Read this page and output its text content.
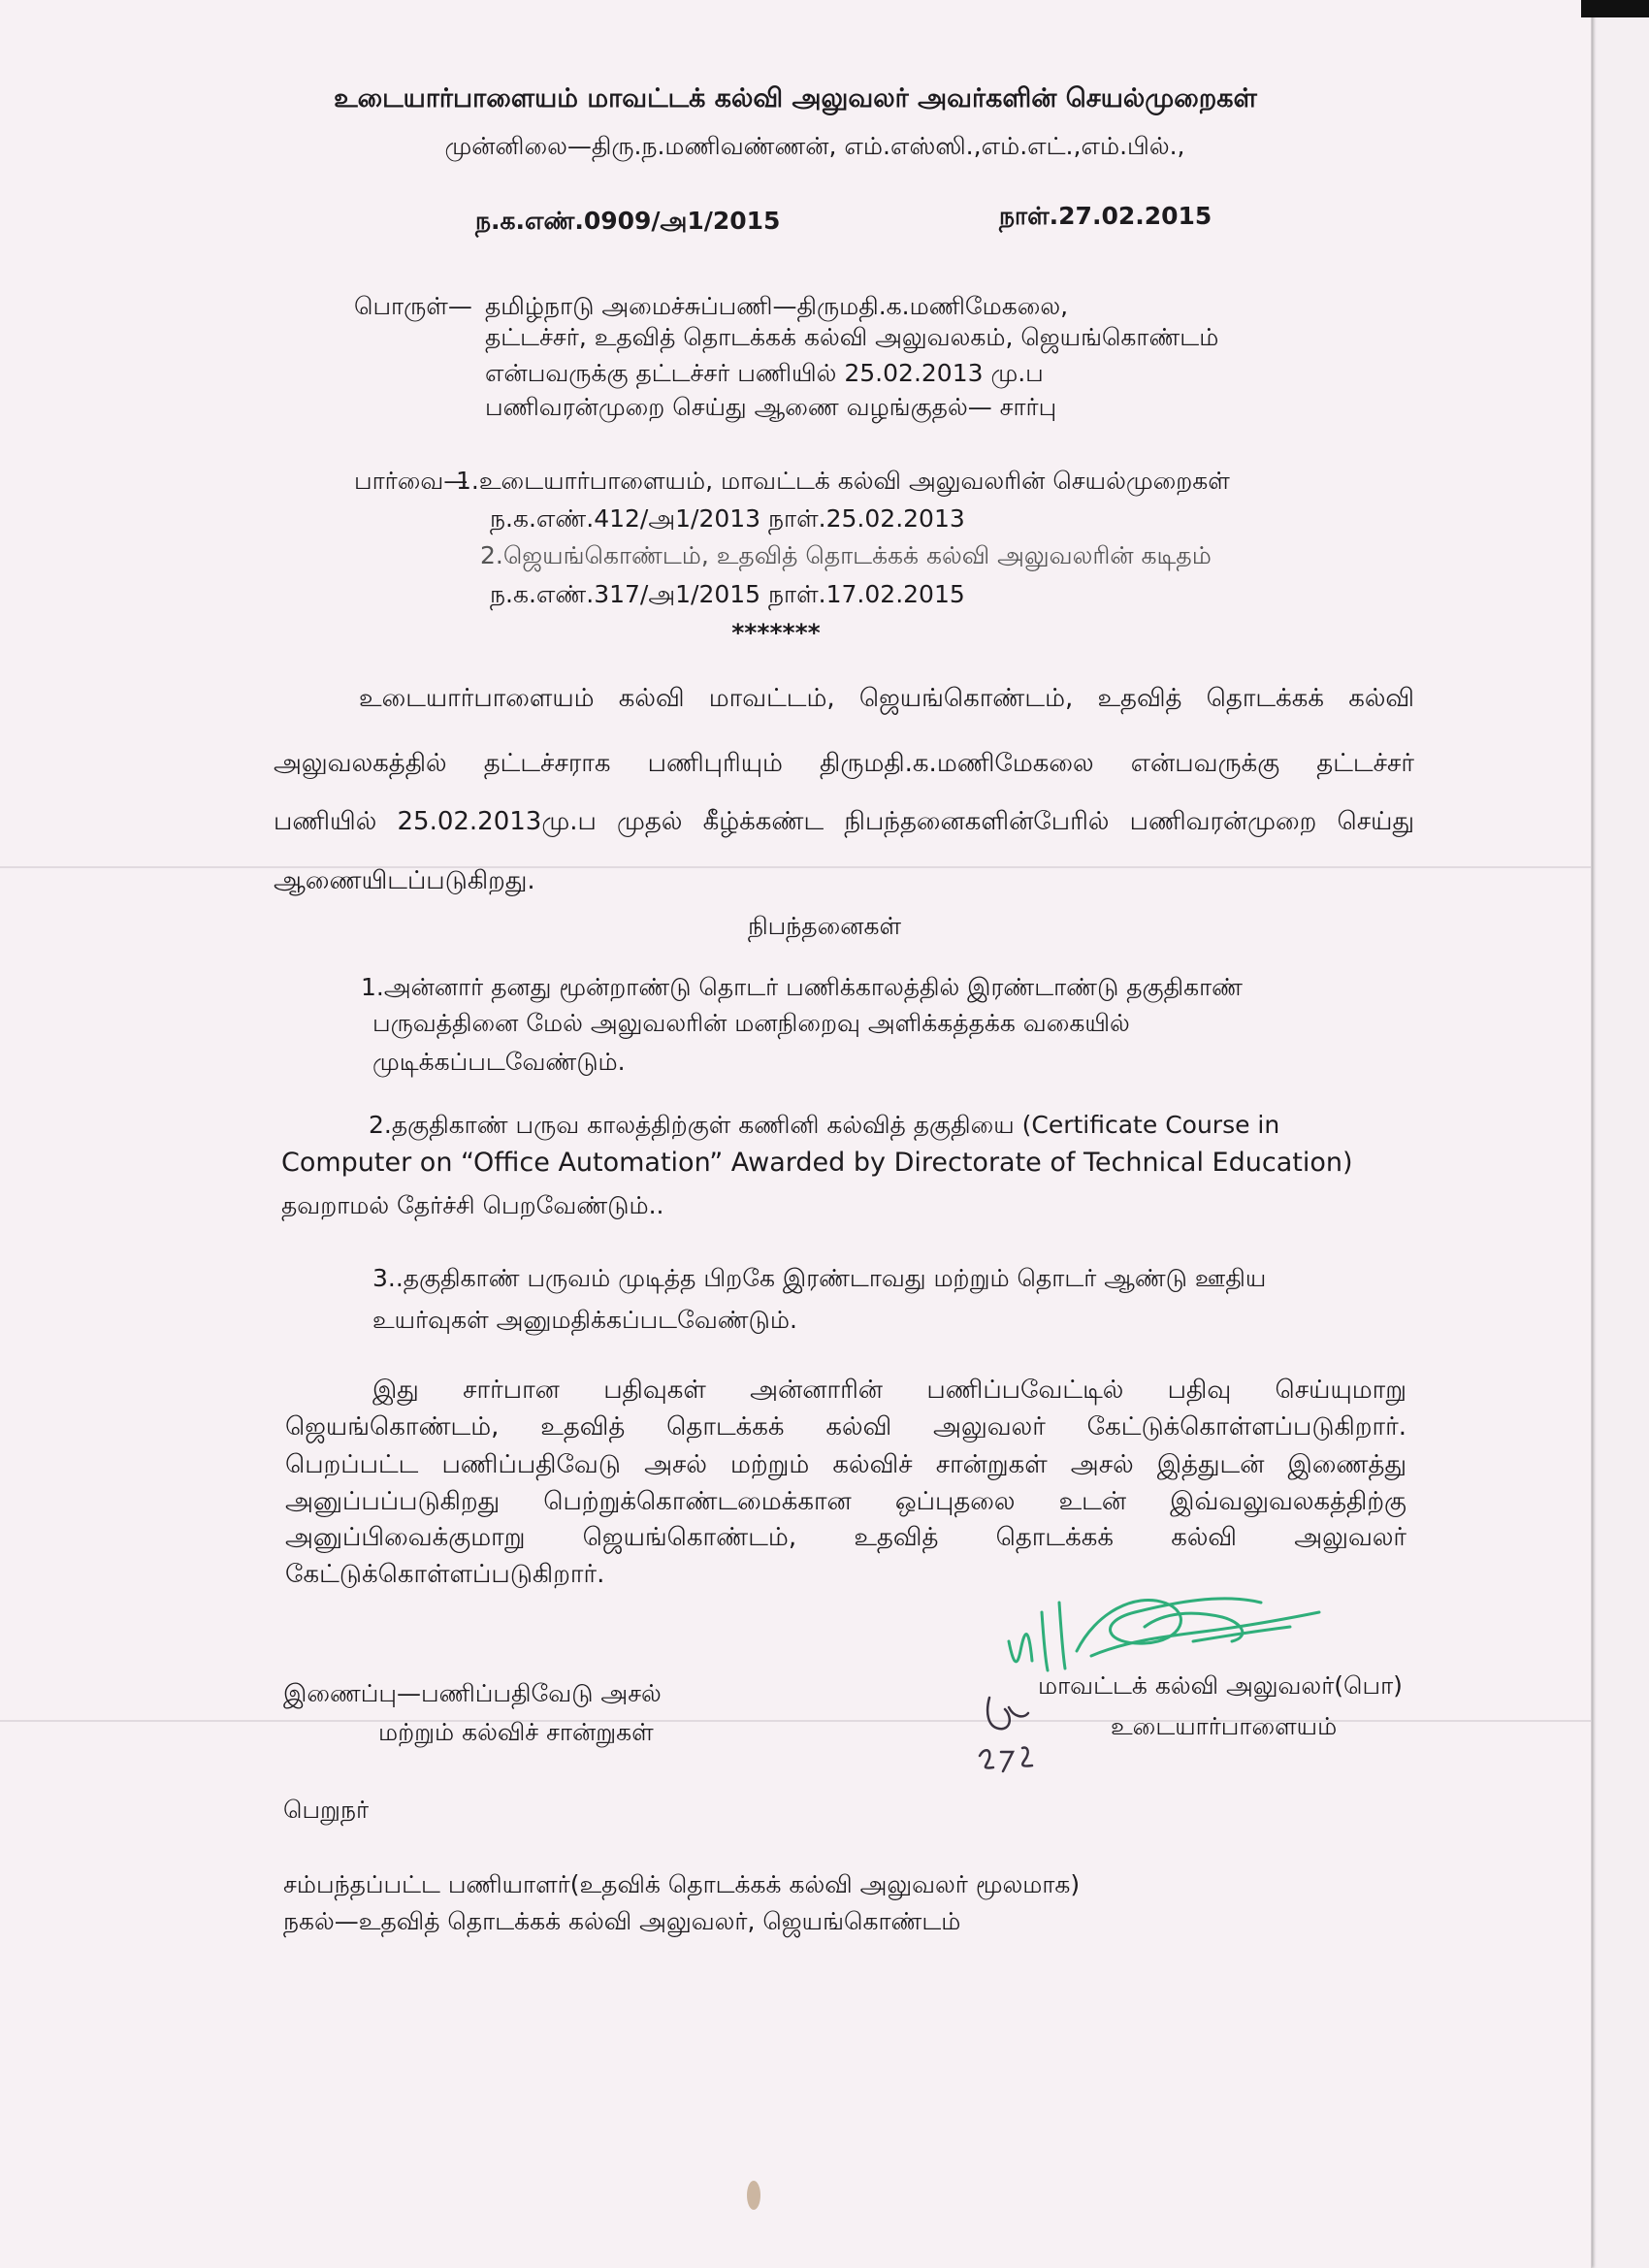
உடையார்பாளையம் மாவட்டக் கல்வி அலுவலர் அவர்களின் செயல்முறைகள்
முன்னிலை—திரு.ந.மணிவண்ணன், எம்.எஸ்ஸி.,எம்.எட்.,எம்.பில்.,
ந.க.எண்.0909/அ1/2015	நாள்.27.02.2015
பொருள்— தமிழ்நாடு அமைச்சுப்பணி—திருமதி.க.மணிமேகலை,
தட்டச்சர், உதவித் தொடக்கக் கல்வி அலுவலகம், ஜெயங்கொண்டம்
என்பவருக்கு தட்டச்சர் பணியில் 25.02.2013 மு.ப
பணிவரன்முறை செய்து ஆணை வழங்குதல்— சார்பு
பார்வை—
1.உடையார்பாளையம், மாவட்டக் கல்வி அலுவலரின் செயல்முறைகள்
ந.க.எண்.412/அ1/2013 நாள்.25.02.2013
2.ஜெயங்கொண்டம், உதவித் தொடக்கக் கல்வி அலுவலரின் கடிதம்
ந.க.எண்.317/அ1/2015 நாள்.17.02.2015
*******
உடையார்பாளையம் கல்வி மாவட்டம், ஜெயங்கொண்டம், உதவித் தொடக்கக் கல்வி
அலுவலகத்தில் தட்டச்சராக பணிபுரியும் திருமதி.க.மணிமேகலை என்பவருக்கு தட்டச்சர்
பணியில் 25.02.2013மு.ப முதல் கீழ்க்கண்ட நிபந்தனைகளின்பேரில் பணிவரன்முறை செய்து
ஆணையிடப்படுகிறது.
நிபந்தனைகள்
1.அன்னார் தனது மூன்றாண்டு தொடர் பணிக்காலத்தில் இரண்டாண்டு தகுதிகாண்
பருவத்தினை மேல் அலுவலரின் மனநிறைவு அளிக்கத்தக்க வகையில்
முடிக்கப்படவேண்டும்.
2.தகுதிகாண் பருவ காலத்திற்குள் கணினி கல்வித் தகுதியை (Certificate Course in
Computer on “Office Automation” Awarded by Directorate of Technical Education)
தவறாமல் தேர்ச்சி பெறவேண்டும்..
3..தகுதிகாண் பருவம் முடித்த பிறகே இரண்டாவது மற்றும் தொடர் ஆண்டு ஊதிய
உயர்வுகள் அனுமதிக்கப்படவேண்டும்.
இது சார்பான பதிவுகள் அன்னாரின் பணிப்பவேட்டில் பதிவு செய்யுமாறு
ஜெயங்கொண்டம், உதவித் தொடக்கக் கல்வி அலுவலர் கேட்டுக்கொள்ளப்படுகிறார்.
பெறப்பட்ட பணிப்பதிவேடு அசல் மற்றும் கல்விச் சான்றுகள் அசல் இத்துடன் இணைத்து
அனுப்பப்படுகிறது பெற்றுக்கொண்டமைக்கான ஒப்புதலை உடன் இவ்வலுவலகத்திற்கு
அனுப்பிவைக்குமாறு ஜெயங்கொண்டம், உதவித் தொடக்கக் கல்வி அலுவலர்
கேட்டுக்கொள்ளப்படுகிறார்.
மாவட்டக் கல்வி அலுவலர்(பொ)
உடையார்பாளையம்
இணைப்பு—பணிப்பதிவேடு அசல்
மற்றும் கல்விச் சான்றுகள்
பெறுநர்
சம்பந்தப்பட்ட பணியாளர்(உதவிக் தொடக்கக் கல்வி அலுவலர் மூலமாக)
நகல்—உதவித் தொடக்கக் கல்வி அலுவலர், ஜெயங்கொண்டம்
